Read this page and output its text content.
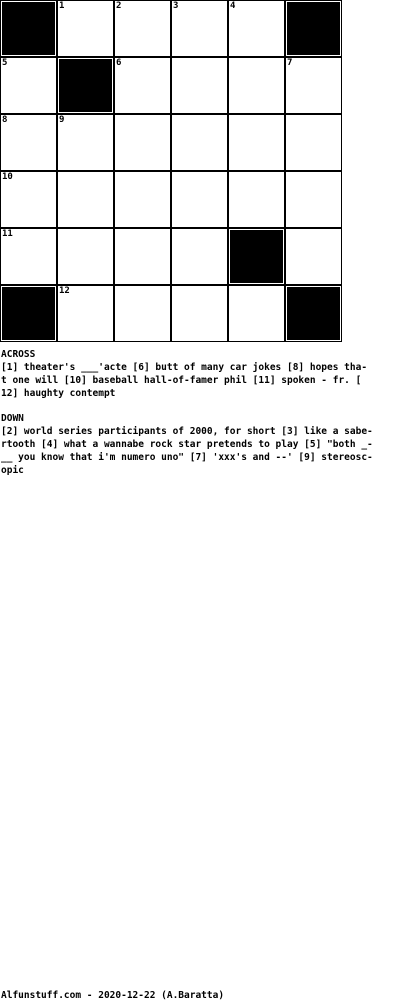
1	2	3	4
5	6	7
8	9
10
11
12
ACROSS
[1] theater's ___'acte [6] butt of many car jokes [8] hopes tha-
t one will [10] baseball hall-of-famer phil [11] spoken - fr. [
12] haughty contempt
DOWN
[2] world series participants of 2000, for short [3] like a sabe-
rtooth [4] what a wannabe rock star pretends to play [5] "both _-
__ you know that i'm numero uno" [7] 'xxx's and --' [9] stereosc-
opic
Alfunstuff.com - 2020-12-22 (A.Baratta)
